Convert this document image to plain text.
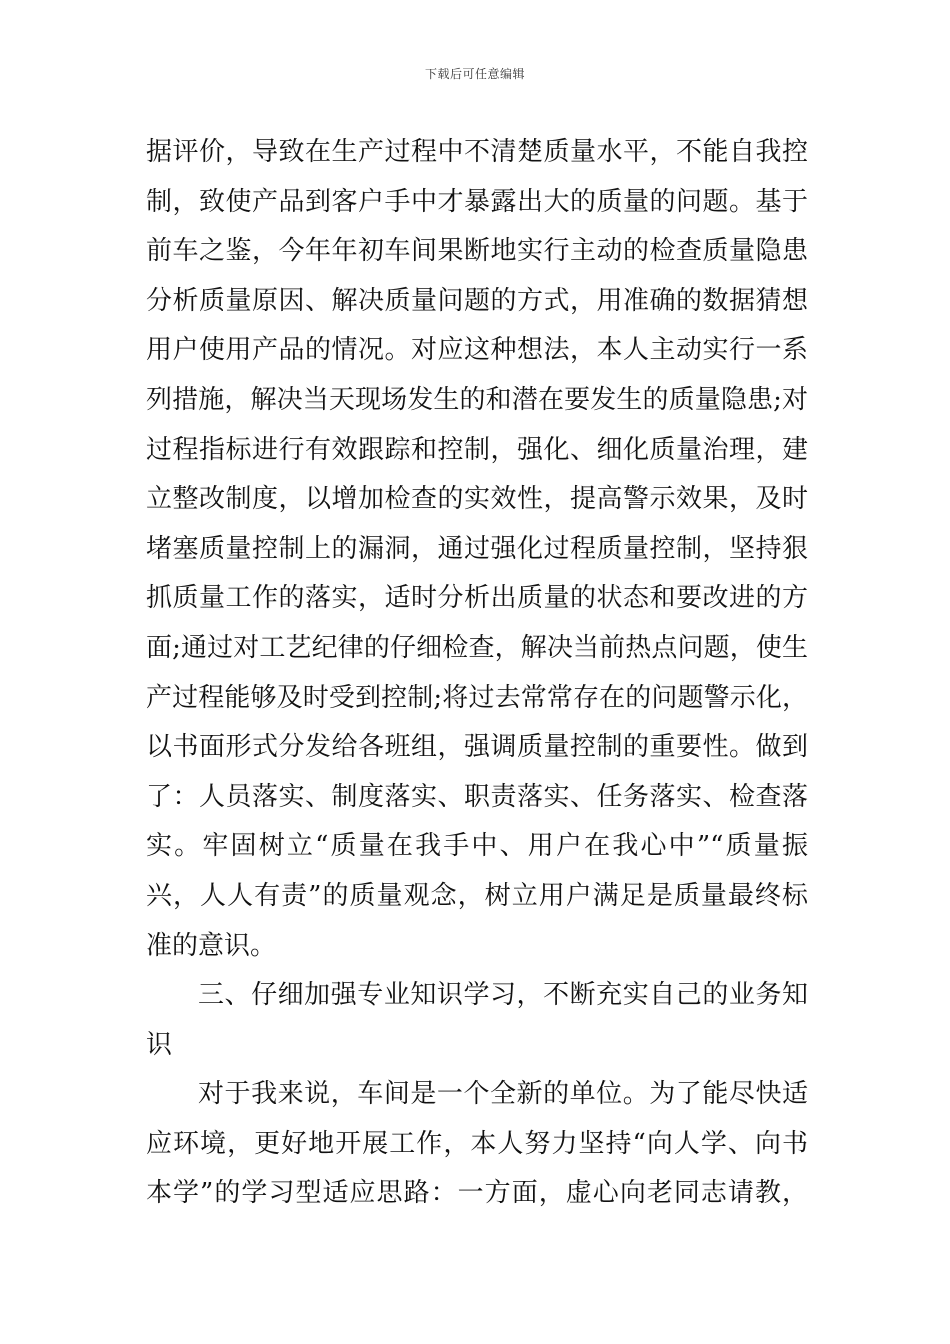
下载后可任意编辑
据评价，导致在生产过程中不清楚质量水平，不能自我控
制，致使产品到客户手中才暴露出大的质量的问题。基于
前车之鉴，今年年初车间果断地实行主动的检查质量隐患
分析质量原因、解决质量问题的方式，用准确的数据猜想
用户使用产品的情况。对应这种想法，本人主动实行一系
列措施，解决当天现场发生的和潜在要发生的质量隐患;对
过程指标进行有效跟踪和控制，强化、细化质量治理，建
立整改制度，以增加检查的实效性，提高警示效果，及时
堵塞质量控制上的漏洞，通过强化过程质量控制，坚持狠
抓质量工作的落实，适时分析出质量的状态和要改进的方
面;通过对工艺纪律的仔细检查，解决当前热点问题，使生
产过程能够及时受到控制;将过去常常存在的问题警示化，
以书面形式分发给各班组，强调质量控制的重要性。做到
了：人员落实、制度落实、职责落实、任务落实、检查落
实。牢固树立“质量在我手中、用户在我心中”“质量振
兴，人人有责”的质量观念，树立用户满足是质量最终标
准的意识。
三、仔细加强专业知识学习，不断充实自己的业务知
识
对于我来说，车间是一个全新的单位。为了能尽快适
应环境，更好地开展工作，本人努力坚持“向人学、向书
本学”的学习型适应思路：一方面，虚心向老同志请教，
